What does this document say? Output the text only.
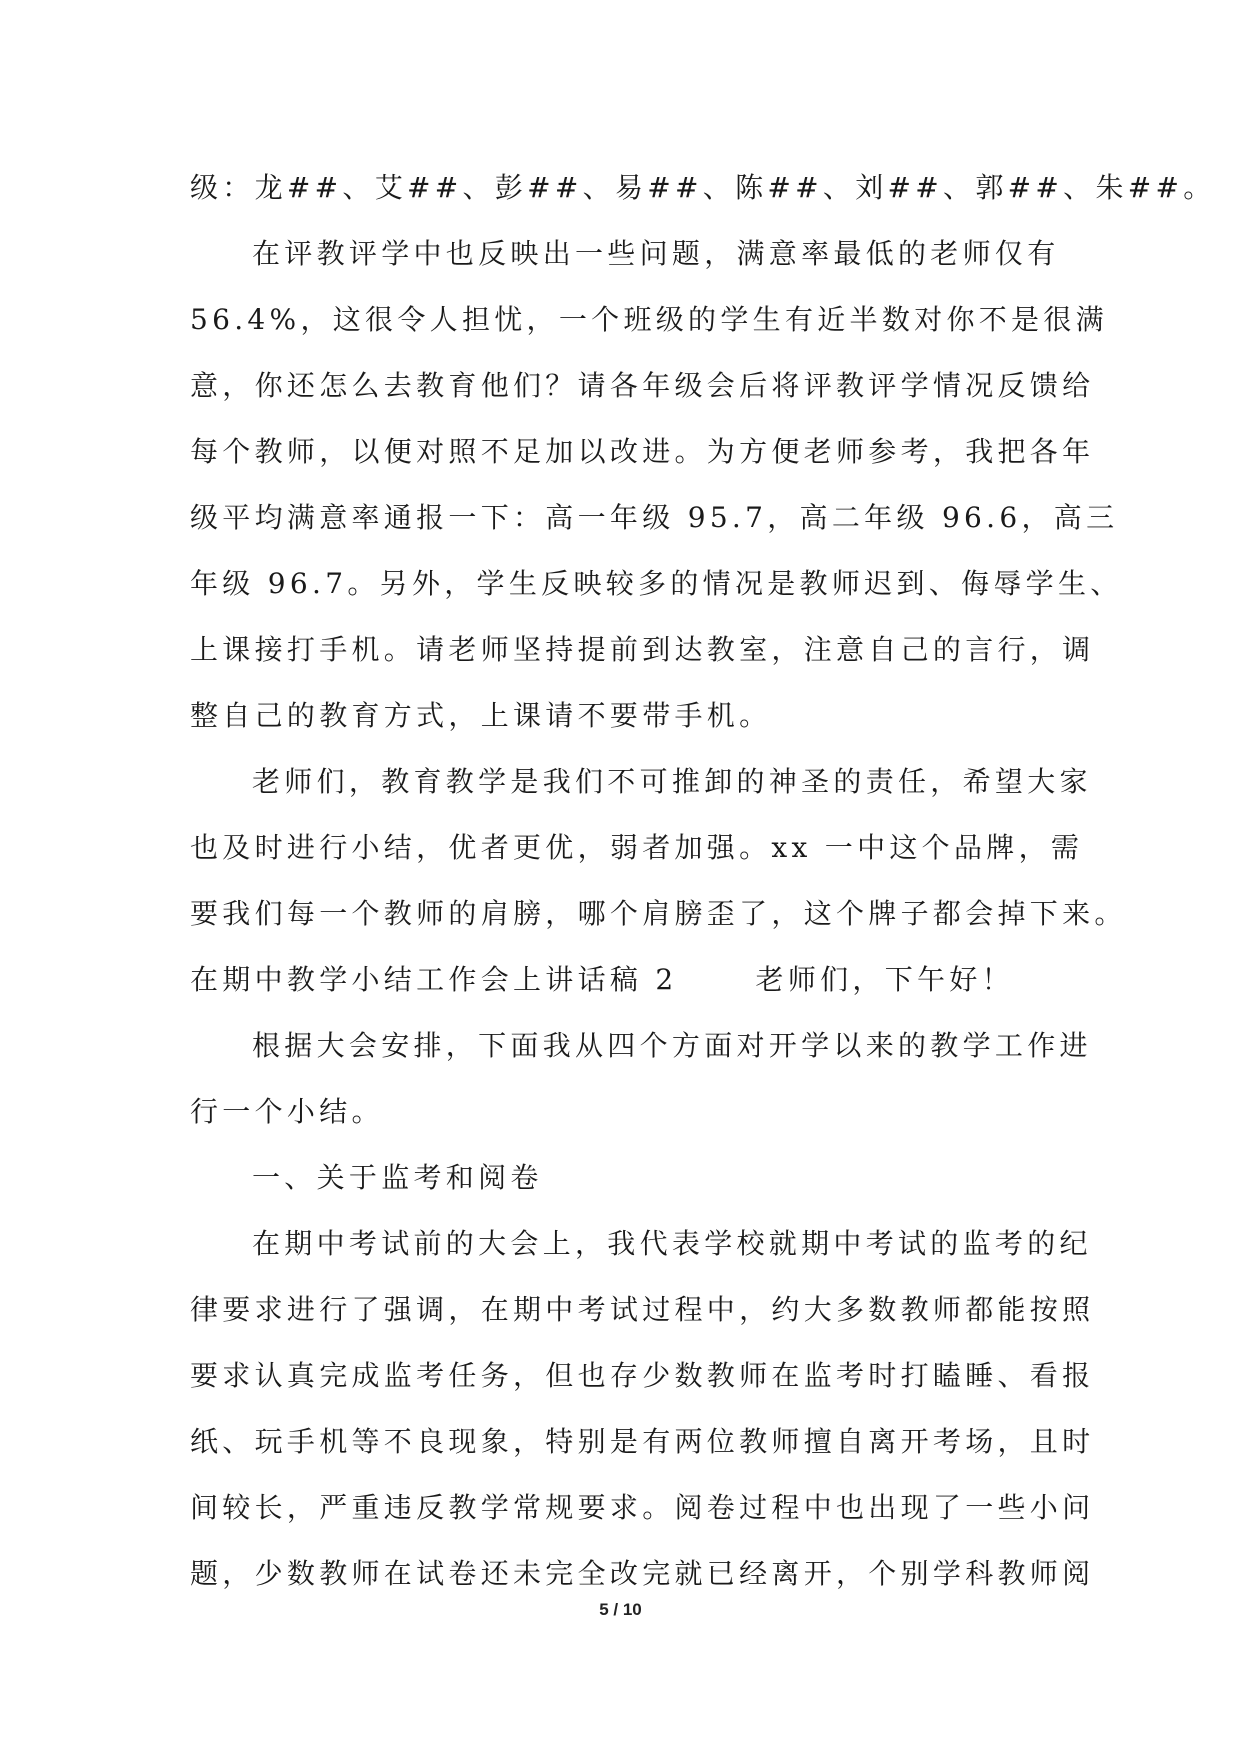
级：龙##、艾##、彭##、易##、陈##、刘##、郭##、朱##。
在评教评学中也反映出一些问题，满意率最低的老师仅有
56.4%，这很令人担忧，一个班级的学生有近半数对你不是很满
意，你还怎么去教育他们？请各年级会后将评教评学情况反馈给
每个教师，以便对照不足加以改进。为方便老师参考，我把各年
级平均满意率通报一下：高一年级 95.7，高二年级 96.6，高三
年级 96.7。另外，学生反映较多的情况是教师迟到、侮辱学生、
上课接打手机。请老师坚持提前到达教室，注意自己的言行，调
整自己的教育方式，上课请不要带手机。
老师们，教育教学是我们不可推卸的神圣的责任，希望大家
也及时进行小结，优者更优，弱者加强。xx 一中这个品牌，需
要我们每一个教师的肩膀，哪个肩膀歪了，这个牌子都会掉下来。
在期中教学小结工作会上讲话稿 2	老师们，下午好！
根据大会安排，下面我从四个方面对开学以来的教学工作进
行一个小结。
一、关于监考和阅卷
在期中考试前的大会上，我代表学校就期中考试的监考的纪
律要求进行了强调，在期中考试过程中，约大多数教师都能按照
要求认真完成监考任务，但也存少数教师在监考时打瞌睡、看报
纸、玩手机等不良现象，特别是有两位教师擅自离开考场，且时
间较长，严重违反教学常规要求。阅卷过程中也出现了一些小问
题，少数教师在试卷还未完全改完就已经离开，个别学科教师阅
5 / 10
